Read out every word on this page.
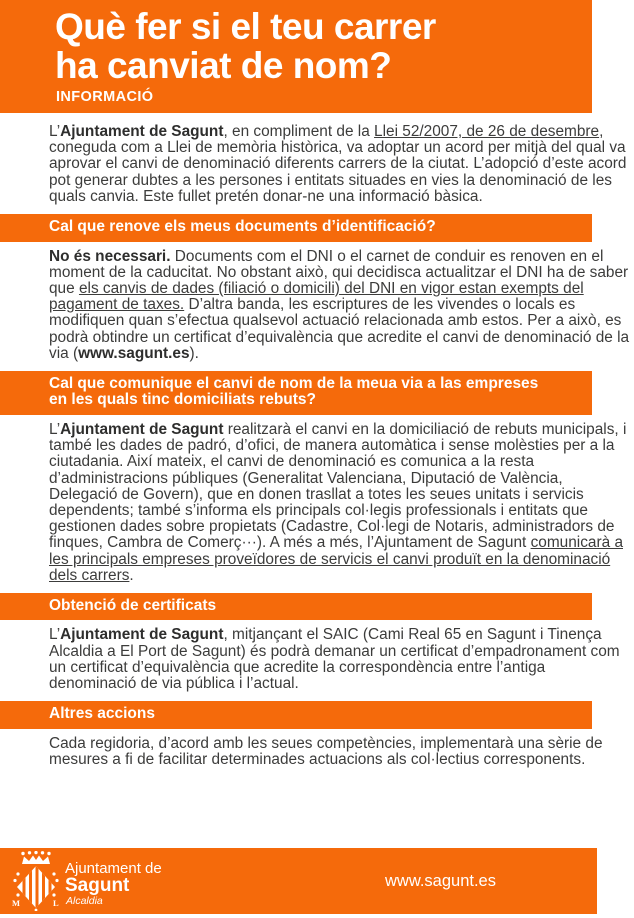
Què fer si el teu carrer
ha canviat de nom?
INFORMACIÓ

L’Ajuntament de Sagunt, en compliment de la Llei 52/2007, de 26 de desembre, coneguda com a Llei de memòria històrica, va adoptar un acord per mitjà del qual va aprovar el canvi de denominació diferents carrers de la ciutat. L’adopció d’este acord pot generar dubtes a les persones i entitats situades en vies la denominació de les quals canvia. Este fullet pretén donar-ne una informació bàsica.

Cal que renove els meus documents d’identificació?

No és necessari. Documents com el DNI o el carnet de conduir es renoven en el moment de la caducitat. No obstant això, qui decidisca actualitzar el DNI ha de saber que els canvis de dades (filiació o domicili) del DNI en vigor estan exempts del pagament de taxes. D’altra banda, les escriptures de les vivendes o locals es modifiquen quan s’efectua qualsevol actuació relacionada amb estos. Per a això, es podrà obtindre un certificat d’equivalència que acredite el canvi de denominació de la via (www.sagunt.es).

Cal que comunique el canvi de nom de la meua via a las empreses en les quals tinc domiciliats rebuts?

L’Ajuntament de Sagunt realitzarà el canvi en la domiciliació de rebuts municipals, i també les dades de padró, d’ofici, de manera automàtica i sense molèsties per a la ciutadania. Així mateix, el canvi de denominació es comunica a la resta d’administracions públiques (Generalitat Valenciana, Diputació de València, Delegació de Govern), que en donen trasllat a totes les seues unitats i servicis dependents; també s’informa els principals col·legis professionals i entitats que gestionen dades sobre propietats (Cadastre, Col·legi de Notaris, administradors de finques, Cambra de Comerç···). A més a més, l’Ajuntament de Sagunt comunicarà a les principals empreses proveïdores de servicis el canvi produït en la denominació dels carrers.

Obtenció de certificats

L’Ajuntament de Sagunt, mitjançant el SAIC (Cami Real 65 en Sagunt i Tinença Alcaldia a El Port de Sagunt) és podrà demanar un certificat d’empadronament com un certificat d’equivalència que acredite la correspondència entre l’antiga denominació de via pública i l’actual.

Altres accions

Cada regidoria, d’acord amb les seues competències, implementarà una sèrie de mesures a fi de facilitar determinades actuacions als col·lectius corresponents.

M	L
Ajuntament de
Sagunt
Alcaldia
www.sagunt.es
